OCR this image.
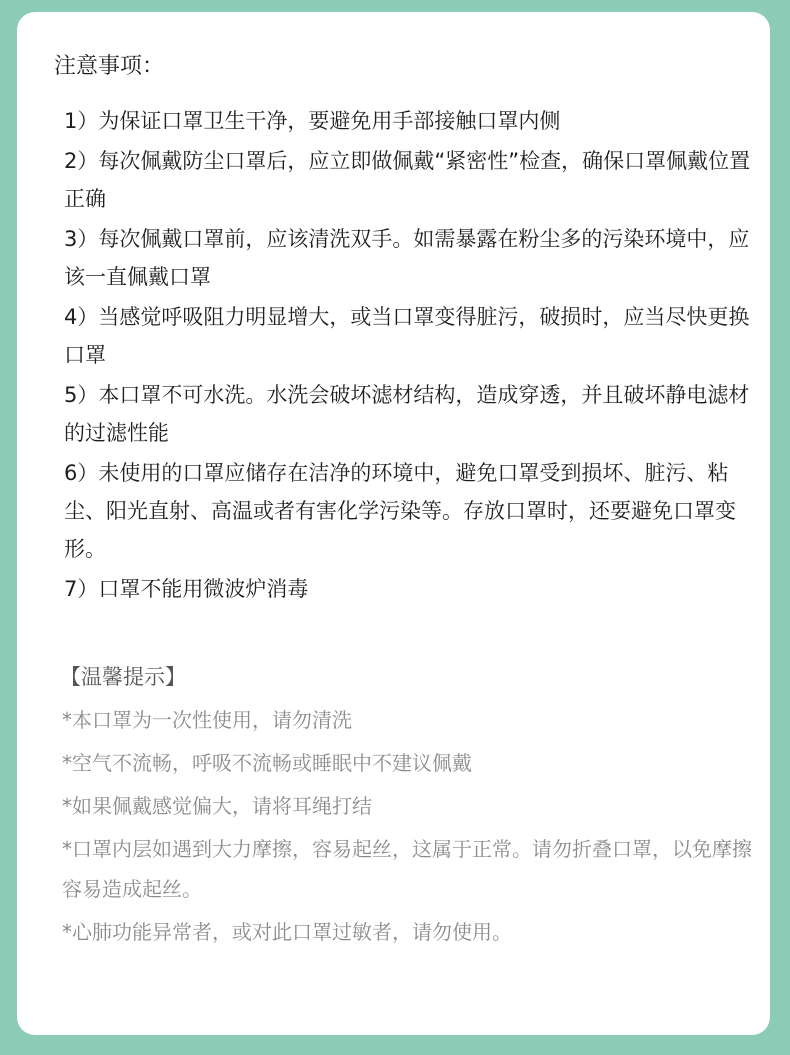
注意事项：
1）为保证口罩卫生干净，要避免用手部接触口罩内侧
2）每次佩戴防尘口罩后，应立即做佩戴“紧密性”检查，确保口罩佩戴位置正确
3）每次佩戴口罩前，应该清洗双手。如需暴露在粉尘多的污染环境中，应该一直佩戴口罩
4）当感觉呼吸阻力明显增大，或当口罩变得脏污，破损时，应当尽快更换口罩
5）本口罩不可水洗。水洗会破坏滤材结构，造成穿透，并且破坏静电滤材的过滤性能
6）未使用的口罩应储存在洁净的环境中，避免口罩受到损坏、脏污、粘尘、阳光直射、高温或者有害化学污染等。存放口罩时，还要避免口罩变形。
7）口罩不能用微波炉消毒
【温馨提示】
*本口罩为一次性使用，请勿清洗
*空气不流畅，呼吸不流畅或睡眠中不建议佩戴
*如果佩戴感觉偏大，请将耳绳打结
*口罩内层如遇到大力摩擦，容易起丝，这属于正常。请勿折叠口罩，以免摩擦容易造成起丝。
*心肺功能异常者，或对此口罩过敏者，请勿使用。
